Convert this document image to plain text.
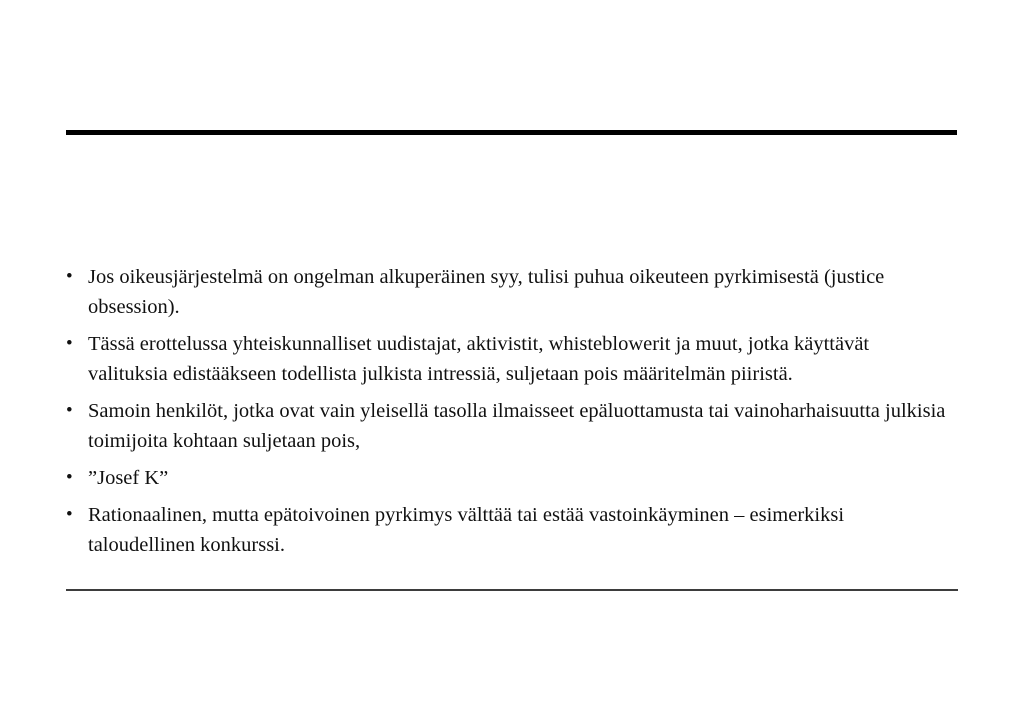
• Jos oikeusjärjestelmä on ongelman alkuperäinen syy, tulisi puhua oikeuteen pyrkimisestä (justice obsession).
• Tässä erottelussa yhteiskunnalliset uudistajat, aktivistit, whisteblowerit ja muut, jotka käyttävät valituksia edistääkseen todellista julkista intressiä, suljetaan pois määritelmän piiristä.
• Samoin henkilöt, jotka ovat vain yleisellä tasolla ilmaisseet epäluottamusta tai vainoharhaisuutta julkisia toimijoita kohtaan suljetaan pois,
• ”Josef K”
• Rationaalinen, mutta epätoivoinen pyrkimys välttää tai estää vastoinkäyminen – esimerkiksi taloudellinen konkurssi.
